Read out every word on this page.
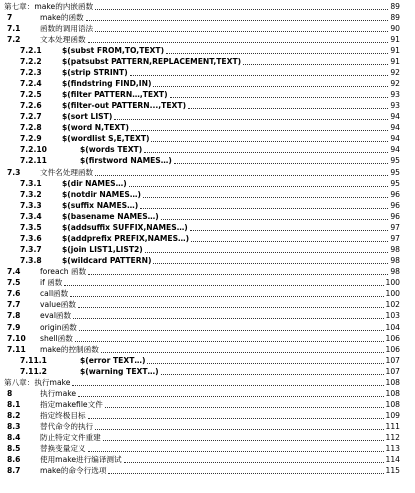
第七章：make的内嵌函数	89
7	make的函数	89
7.1	函数的调用语法	90
7.2	文本处理函数	91
7.2.1	$(subst FROM,TO,TEXT)	91
7.2.2	$(patsubst PATTERN,REPLACEMENT,TEXT)	91
7.2.3	$(strip STRINT)	92
7.2.4	$(findstring FIND,IN)	92
7.2.5	$(filter PATTERN…,TEXT)	93
7.2.6	$(filter-out PATTERN...,TEXT)	93
7.2.7	$(sort LIST)	94
7.2.8	$(word N,TEXT)	94
7.2.9	$(wordlist S,E,TEXT)	94
7.2.10	$(words TEXT)	94
7.2.11	$(firstword NAMES…)	95
7.3	文件名处理函数	95
7.3.1	$(dir NAMES…)	95
7.3.2	$(notdir NAMES…)	96
7.3.3	$(suffix NAMES…)	96
7.3.4	$(basename NAMES…)	96
7.3.5	$(addsuffix SUFFIX,NAMES…)	97
7.3.6	$(addprefix PREFIX,NAMES…)	97
7.3.7	$(join LIST1,LIST2)	98
7.3.8	$(wildcard PATTERN)	98
7.4	foreach 函数	98
7.5	if 函数	100
7.6	call函数	100
7.7	value函数	102
7.8	eval函数	103
7.9	origin函数	104
7.10 shell函数	106
7.11 make的控制函数	106
7.11.1	$(error TEXT…)	107
7.11.2	$(warning TEXT…)	107
第八章：执行make	108
8	执行make	108
8.1	指定makefile文件	108
8.2	指定终极目标	109
8.3	替代命令的执行	111
8.4	防止特定文件重建	112
8.5	替换变量定义	113
8.6	使用make进行编译测试	114
8.7	make的命令行选项	115
